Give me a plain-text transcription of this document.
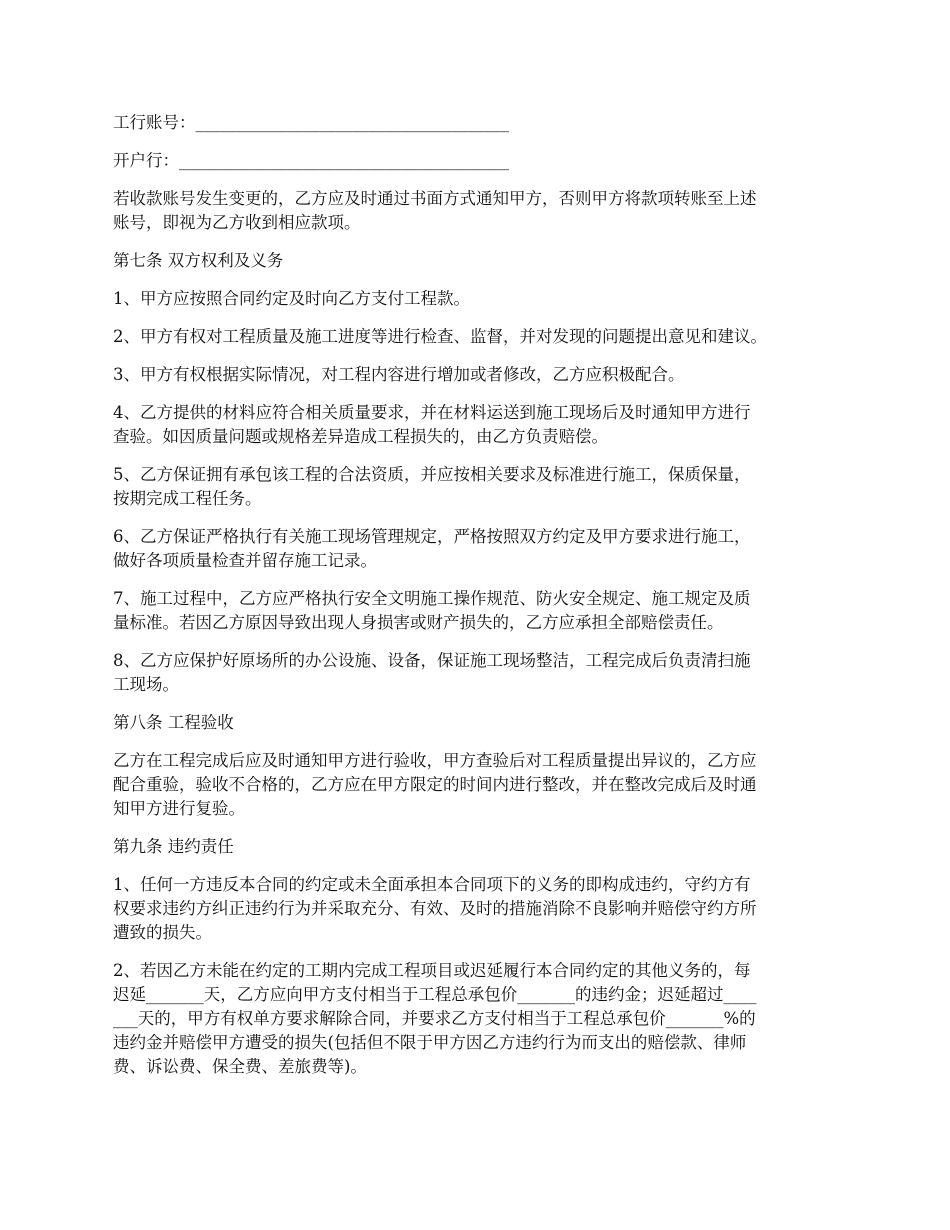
工行账号：______________________________________
开户行：________________________________________
若收款账号发生变更的，乙方应及时通过书面方式通知甲方，否则甲方将款项转账至上述
账号，即视为乙方收到相应款项。
第七条 双方权利及义务
1、甲方应按照合同约定及时向乙方支付工程款。
2、甲方有权对工程质量及施工进度等进行检查、监督，并对发现的问题提出意见和建议。
3、甲方有权根据实际情况，对工程内容进行增加或者修改，乙方应积极配合。
4、乙方提供的材料应符合相关质量要求，并在材料运送到施工现场后及时通知甲方进行
查验。如因质量问题或规格差异造成工程损失的，由乙方负责赔偿。
5、乙方保证拥有承包该工程的合法资质，并应按相关要求及标准进行施工，保质保量，
按期完成工程任务。
6、乙方保证严格执行有关施工现场管理规定，严格按照双方约定及甲方要求进行施工，
做好各项质量检查并留存施工记录。
7、施工过程中，乙方应严格执行安全文明施工操作规范、防火安全规定、施工规定及质
量标准。若因乙方原因导致出现人身损害或财产损失的，乙方应承担全部赔偿责任。
8、乙方应保护好原场所的办公设施、设备，保证施工现场整洁，工程完成后负责清扫施
工现场。
第八条 工程验收
乙方在工程完成后应及时通知甲方进行验收，甲方查验后对工程质量提出异议的，乙方应
配合重验，验收不合格的，乙方应在甲方限定的时间内进行整改，并在整改完成后及时通
知甲方进行复验。
第九条 违约责任
1、任何一方违反本合同的约定或未全面承担本合同项下的义务的即构成违约，守约方有
权要求违约方纠正违约行为并采取充分、有效、及时的措施消除不良影响并赔偿守约方所
遭致的损失。
2、若因乙方未能在约定的工期内完成工程项目或迟延履行本合同约定的其他义务的，每
迟延_______天，乙方应向甲方支付相当于工程总承包价_______的违约金；迟延超过____
___天的，甲方有权单方要求解除合同，并要求乙方支付相当于工程总承包价_______%的
违约金并赔偿甲方遭受的损失(包括但不限于甲方因乙方违约行为而支出的赔偿款、律师
费、诉讼费、保全费、差旅费等)。
